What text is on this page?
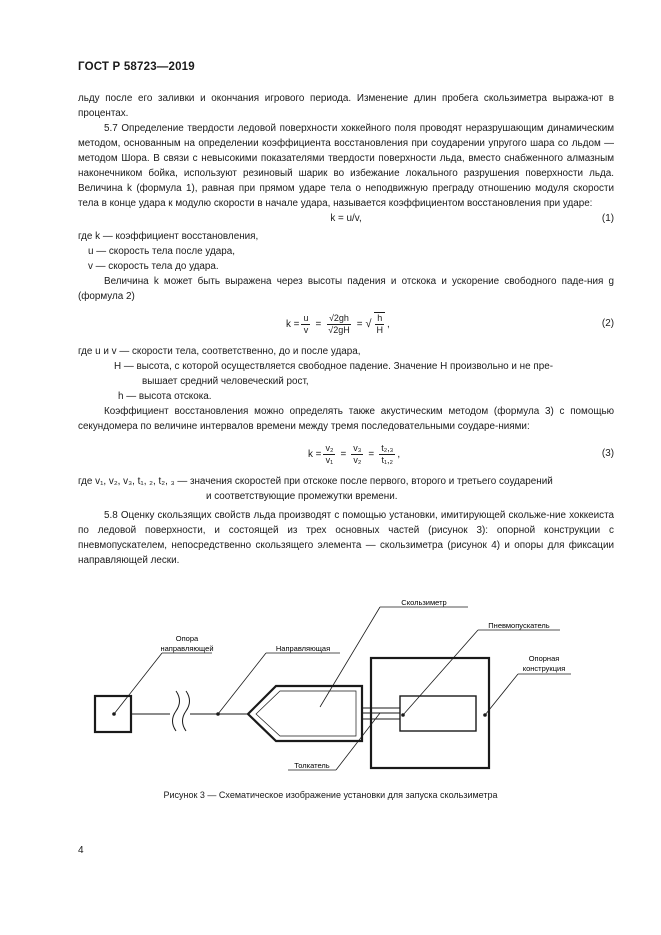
ГОСТ Р 58723—2019

льду после его заливки и окончания игрового периода. Изменение длин пробега скользиметра выража-ют в процентах.

5.7 Определение твердости ледовой поверхности хоккейного поля проводят неразрушающим динамическим методом, основанным на определении коэффициента восстановления при соударении упругого шара со льдом — методом Шора. В связи с невысокими показателями твердости поверхности льда, вместо снабженного алмазным наконечником бойка, используют резиновый шарик во избежание локального разрушения поверхности льда. Величина k (формула 1), равная при прямом ударе тела о неподвижную преграду отношению модуля скорости тела в конце удара к модулю скорости в начале удара, называется коэффициентом восстановления при ударе:

k = u/v,	(1)
где k — коэффициент восстановления,
u — скорость тела после удара,
v — скорость тела до удара.

Величина k может быть выражена через высоты падения и отскока и ускорение свободного паде-ния g (формула 2)

$k = \frac{u}{v} = \frac{√2gh}{√2gH}$ = √ $\frac{h}{H}$ ,	(2)
где u и v — скорости тела, соответственно, до и после удара,
H — высота, с которой осуществляется свободное падение. Значение H произвольно и не пре-
вышает средний человеческий рост,
h — высота отскока.

Коэффициент восстановления можно определять также акустическим методом (формула 3) с помощью секундомера по величине интервалов времени между тремя последовательными соударе-ниями:

$k = \frac{\text{v₂}}{\text{v₁}} = \frac{\text{v₃}}{\text{v₂}} = \frac{\text{t₂,₃}}{\text{t₁,₂}}$ ,	(3)
где v₁, v₂, v₃, t₁, ₂, t₂, ₃ — значения скоростей при отскоке после первого, второго и третьего соударений
и соответствующие промежутки времени.

5.8 Оценку скользящих свойств льда производят с помощью установки, имитирующей скольже-ние хоккеиста по ледовой поверхности, и состоящей из трех основных частей (рисунок 3): опорной конструкции с пневмопускателем, непосредственно скользящего элемента — скользиметра (рисунок 4) и опоры для фиксации направляющей лески.

Опора
направляющей	Направляющая
Скользиметр
Пневмопускатель
Опорная
конструкция
Толкатель
Рисунок 3 — Схематическое изображение установки для запуска скользиметра
4
